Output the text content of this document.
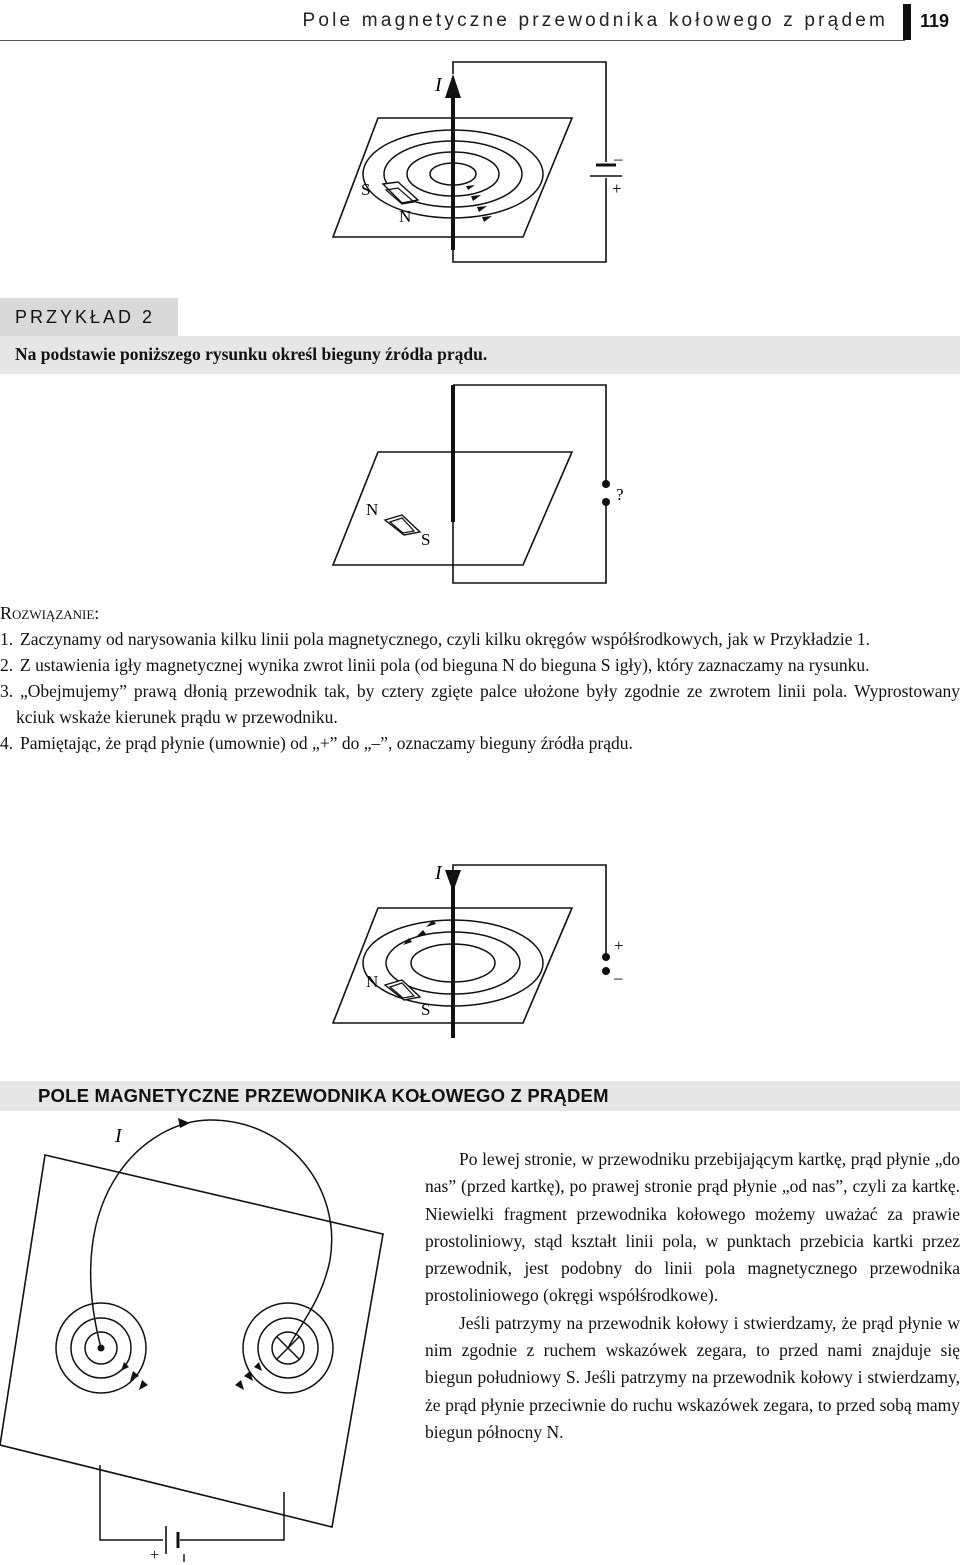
Pole magnetyczne przewodnika kołowego z prądem 119
I
S
N
–
+
PRZYKŁAD 2
Na podstawie poniższego rysunku określ bieguny źródła prądu.
N
S
?
Rozwiązanie:
1. Zaczynamy od narysowania kilku linii pola magnetycznego, czyli kilku okręgów współśrodkowych, jak w Przykładzie 1.
2. Z ustawienia igły magnetycznej wynika zwrot linii pola (od bieguna N do bieguna S igły), który zaznaczamy na rysunku.
3. „Obejmujemy” prawą dłonią przewodnik tak, by cztery zgięte palce ułożone były zgodnie ze zwrotem linii pola. Wyprostowany kciuk wskaże kierunek prądu w przewodniku.
4. Pamiętając, że prąd płynie (umownie) od „+” do „–”, oznaczamy bieguny źródła prądu.
I
N
S
+
–
POLE MAGNETYCZNE PRZEWODNIKA KOŁOWEGO Z PRĄDEM
I
+

Po lewej stronie, w przewodniku przebijającym kartkę, prąd płynie „do nas” (przed kartkę), po prawej stronie prąd płynie „od nas”, czyli za kartkę. Niewielki fragment przewodnika kołowego możemy uważać za prawie prostoliniowy, stąd kształt linii pola, w punktach przebicia kartki przez przewodnik, jest podobny do linii pola magnetycznego przewodnika prostoliniowego (okręgi współśrodkowe).

Jeśli patrzymy na przewodnik kołowy i stwierdzamy, że prąd płynie w nim zgodnie z ruchem wskazówek zegara, to przed nami znajduje się biegun południowy S. Jeśli patrzymy na przewodnik kołowy i stwierdzamy, że prąd płynie przeciwnie do ruchu wskazówek zegara, to przed sobą mamy biegun północny N.
